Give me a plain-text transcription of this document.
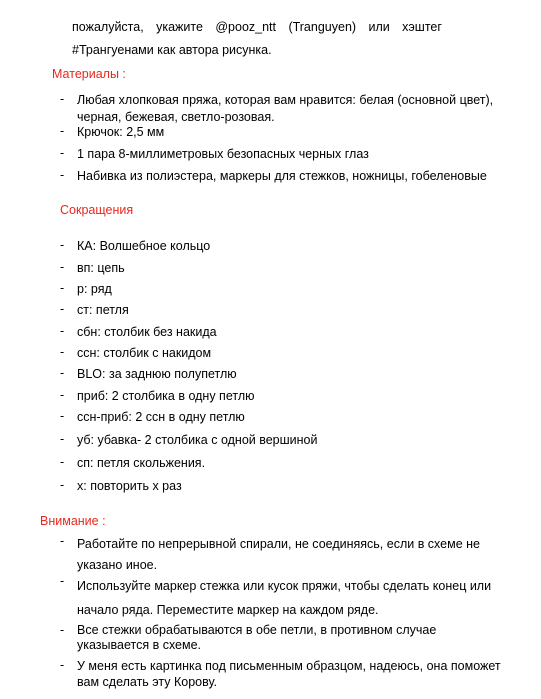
пожалуйста, укажите @pooz_ntt (Tranguyen) или хэштег
#Трангуенами как автора рисунка.
Материалы :
- Любая хлопковая пряжа, которая вам нравится: белая (основной цвет),
черная, бежевая, светло-розовая.
- Крючок: 2,5 мм
- 1 пара 8-миллиметровых безопасных черных глаз
- Набивка из полиэстера, маркеры для стежков, ножницы, гобеленовые
Сокращения
- КА: Волшебное кольцо
- вп: цепь
- р: ряд
- ст: петля
- сбн: столбик без накида
- ссн: столбик с накидом
- BLO: за заднюю полупетлю
- приб: 2 столбика в одну петлю
- ссн-приб: 2 ссн в одну петлю
- уб: убавка- 2 столбика с одной вершиной
- сп: петля скольжения.
- х: повторить х раз
Внимание :
- Работайте по непрерывной спирали, не соединяясь, если в схеме не
указано иное.
- Используйте маркер стежка или кусок пряжи, чтобы сделать конец или
начало ряда. Переместите маркер на каждом ряде.
- Все стежки обрабатываются в обе петли, в противном случае
указывается в схеме.
- У меня есть картинка под письменным образцом, надеюсь, она поможет
вам сделать эту Корову.
